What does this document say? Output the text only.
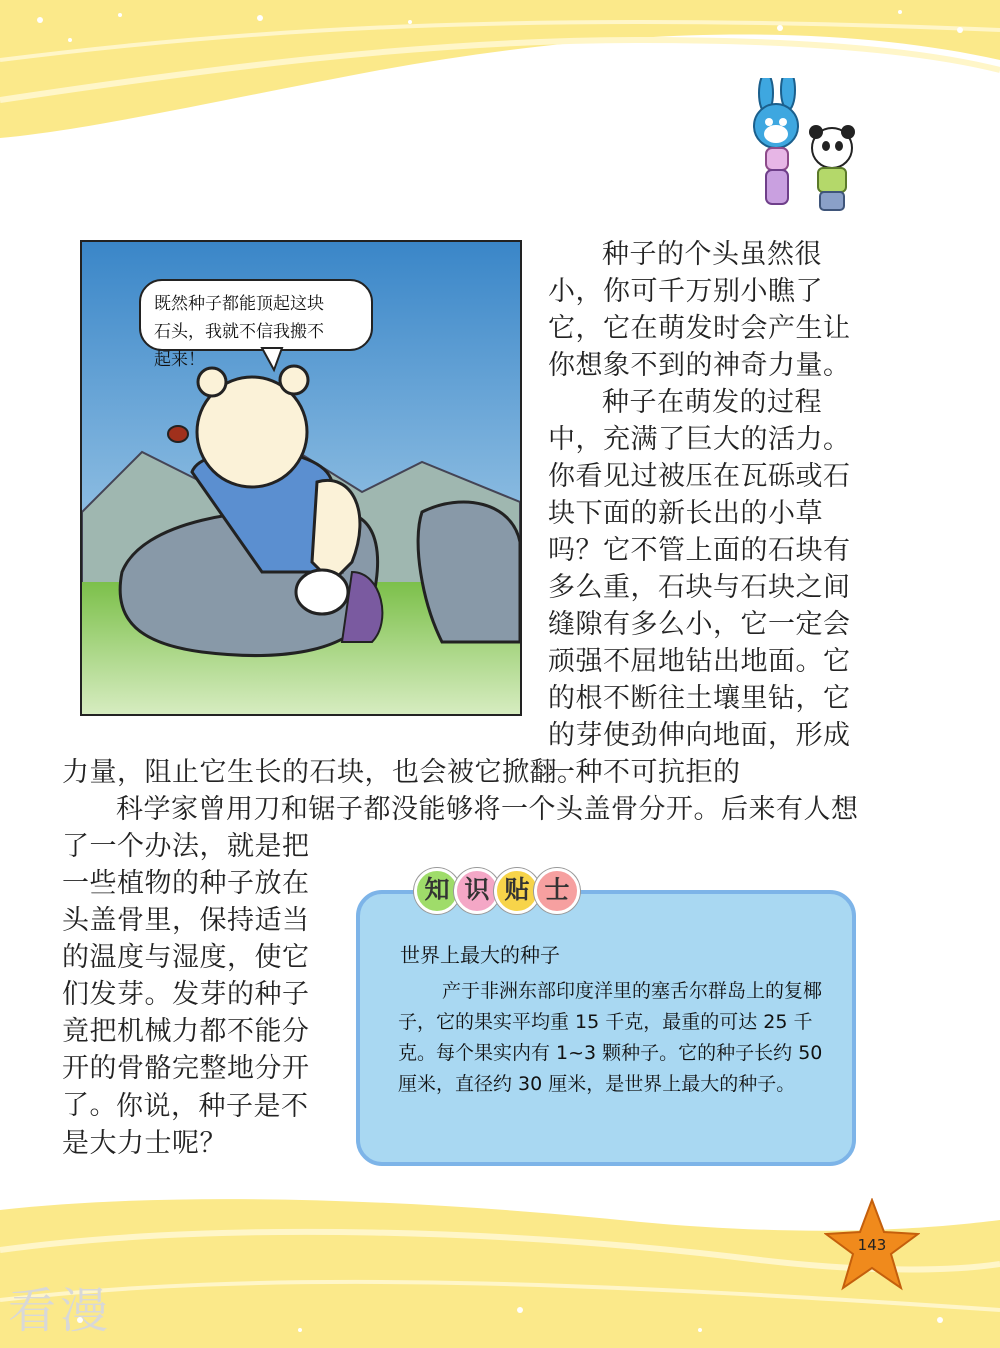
既然种子都能顶起这块石头，我就不信我搬不起来！

种子的个头虽然很小，你可千万别小瞧了它，它在萌发时会产生让你想象不到的神奇力量。

种子在萌发的过程中，充满了巨大的活力。你看见过被压在瓦砾或石块下面的新长出的小草吗？它不管上面的石块有多么重，石块与石块之间缝隙有多么小，它一定会顽强不屈地钻出地面。它的根不断往土壤里钻，它的芽使劲伸向地面，形成一种不可抗拒的

力量，阻止它生长的石块，也会被它掀翻。

科学家曾用刀和锯子都没能够将一个头盖骨分开。后来有人想

了一个办法，就是把一些植物的种子放在头盖骨里，保持适当的温度与湿度，使它们发芽。发芽的种子竟把机械力都不能分开的骨骼完整地分开了。 你说，种子是不是大力士呢？

世界上最大的种子
产于非洲东部印度洋里的塞舌尔群岛上的复椰子，它的果实平均重 15 千克，最重的可达 25 千克。每个果实内有 1~3 颗种子。它的种子长约 50 厘米，直径约 30 厘米，是世界上最大的种子。
知 识 贴 士
143
看漫
